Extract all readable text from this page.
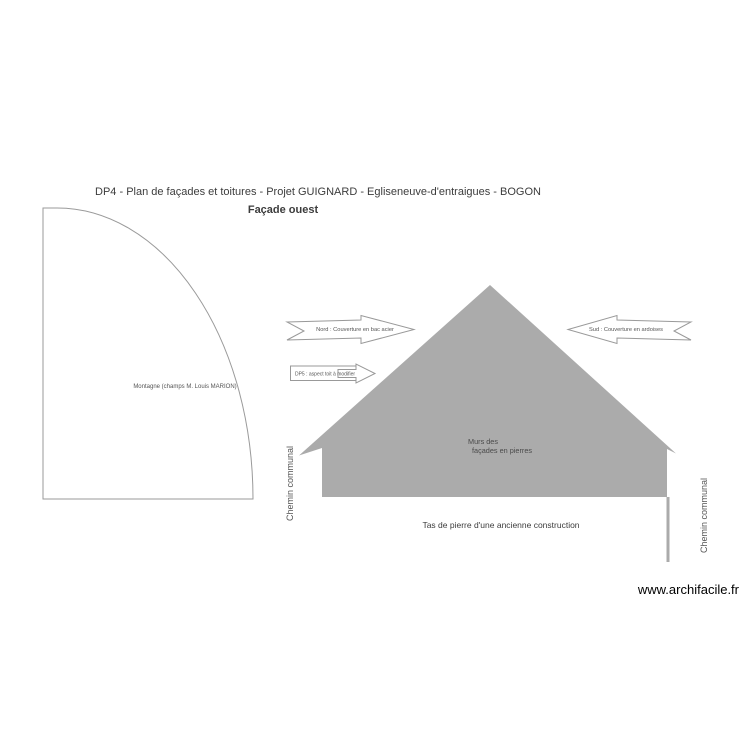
DP4 - Plan de façades et toitures - Projet GUIGNARD - Egliseneuve-d'entraigues - BOGON
Façade ouest
Montagne (champs M. Louis MARION)
Nord : Couverture en bac acier	Sud : Couverture en ardoises
DP5 : aspect toit à modifier
Murs des
façades en pierres
Tas de pierre d'une ancienne construction
Chemin communal	Chemin communal
www.archifacile.fr
